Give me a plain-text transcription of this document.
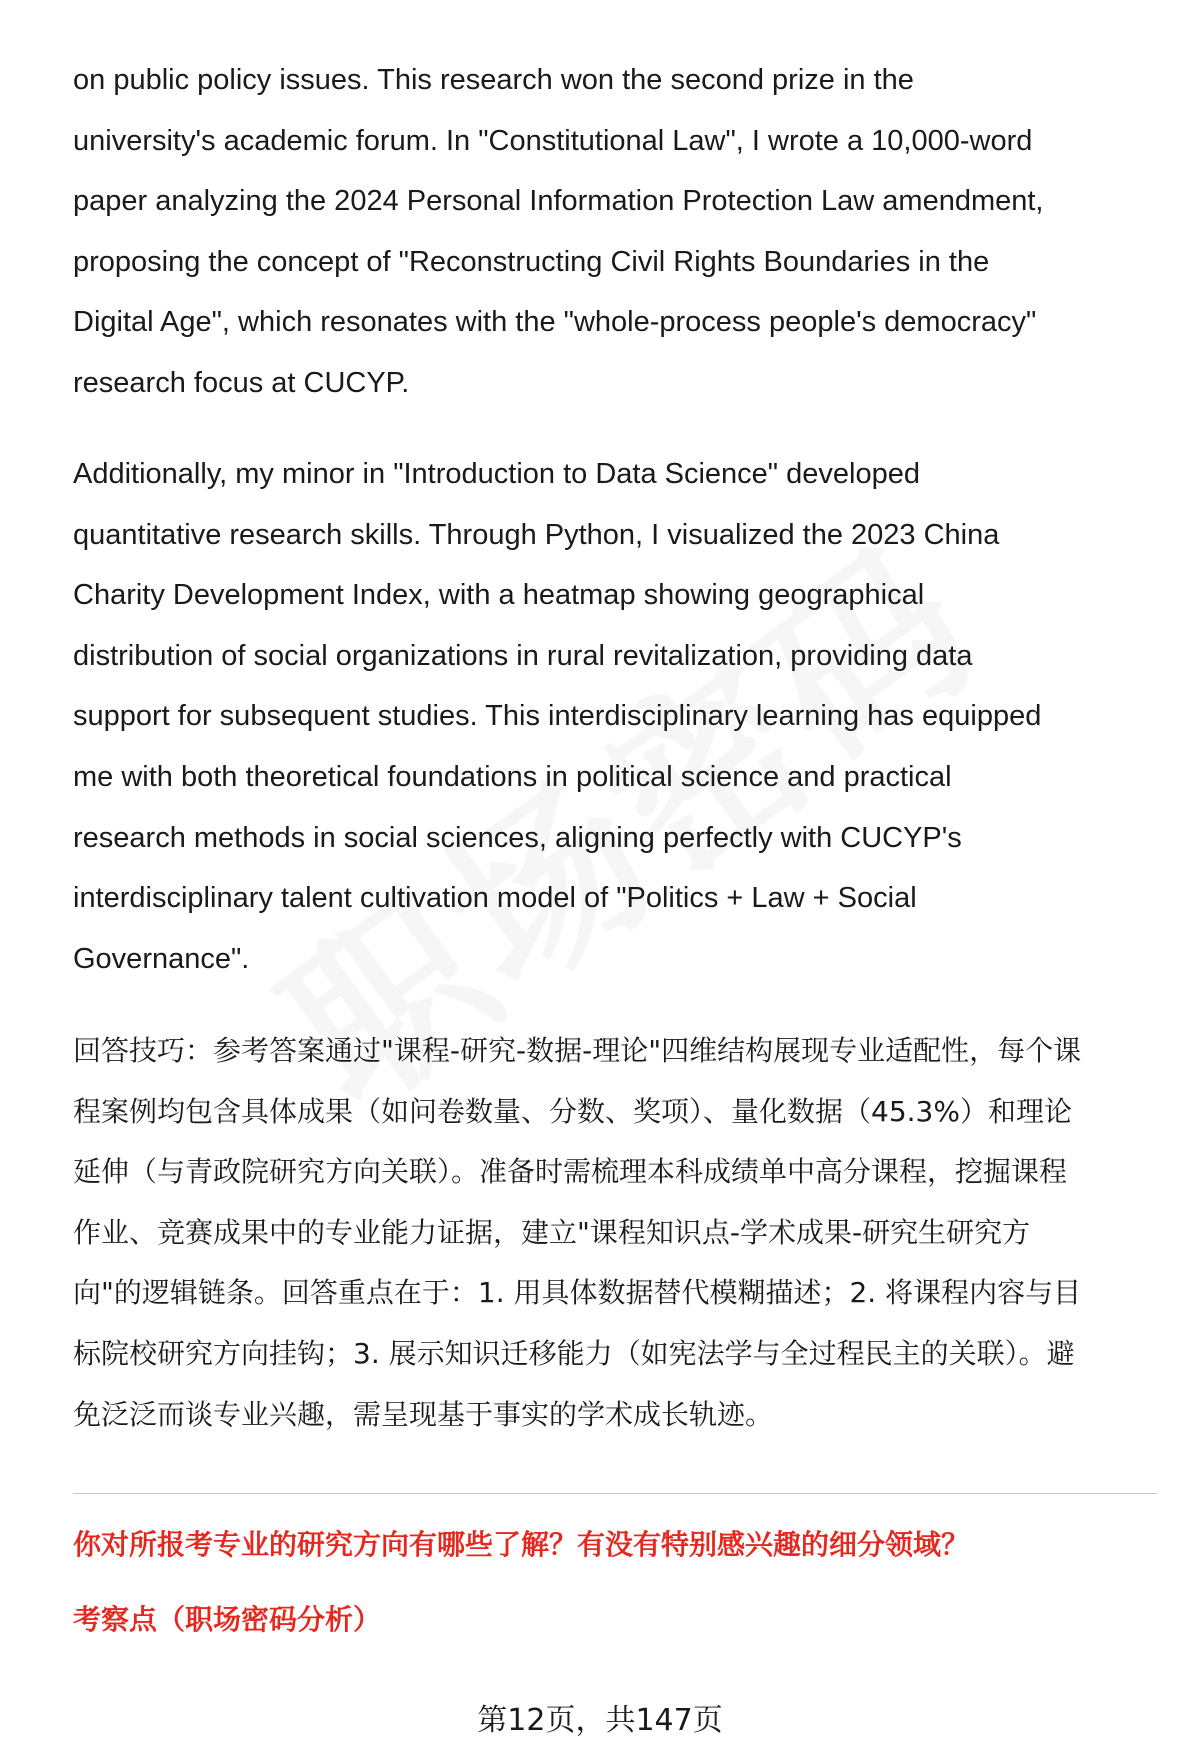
on public policy issues. This research won the second prize in the
university's academic forum. In "Constitutional Law", I wrote a 10,000-word
paper analyzing the 2024 Personal Information Protection Law amendment,
proposing the concept of "Reconstructing Civil Rights Boundaries in the
Digital Age", which resonates with the "whole-process people's democracy"
research focus at CUCYP.
Additionally, my minor in "Introduction to Data Science" developed
quantitative research skills. Through Python, I visualized the 2023 China
Charity Development Index, with a heatmap showing geographical
distribution of social organizations in rural revitalization, providing data
support for subsequent studies. This interdisciplinary learning has equipped
me with both theoretical foundations in political science and practical
research methods in social sciences, aligning perfectly with CUCYP's
interdisciplinary talent cultivation model of "Politics + Law + Social
Governance".
回答技巧：参考答案通过"课程-研究-数据-理论"四维结构展现专业适配性，每个课
程案例均包含具体成果（如问卷数量、分数、奖项）、量化数据（45.3%）和理论
延伸（与青政院研究方向关联）。准备时需梳理本科成绩单中高分课程，挖掘课程
作业、竞赛成果中的专业能力证据，建立"课程知识点-学术成果-研究生研究方
向"的逻辑链条。回答重点在于：1. 用具体数据替代模糊描述；2. 将课程内容与目
标院校研究方向挂钩；3. 展示知识迁移能力（如宪法学与全过程民主的关联）。避
免泛泛而谈专业兴趣，需呈现基于事实的学术成长轨迹。
你对所报考专业的研究方向有哪些了解？有没有特别感兴趣的细分领域？
考察点（职场密码分析）
第12页，共147页
